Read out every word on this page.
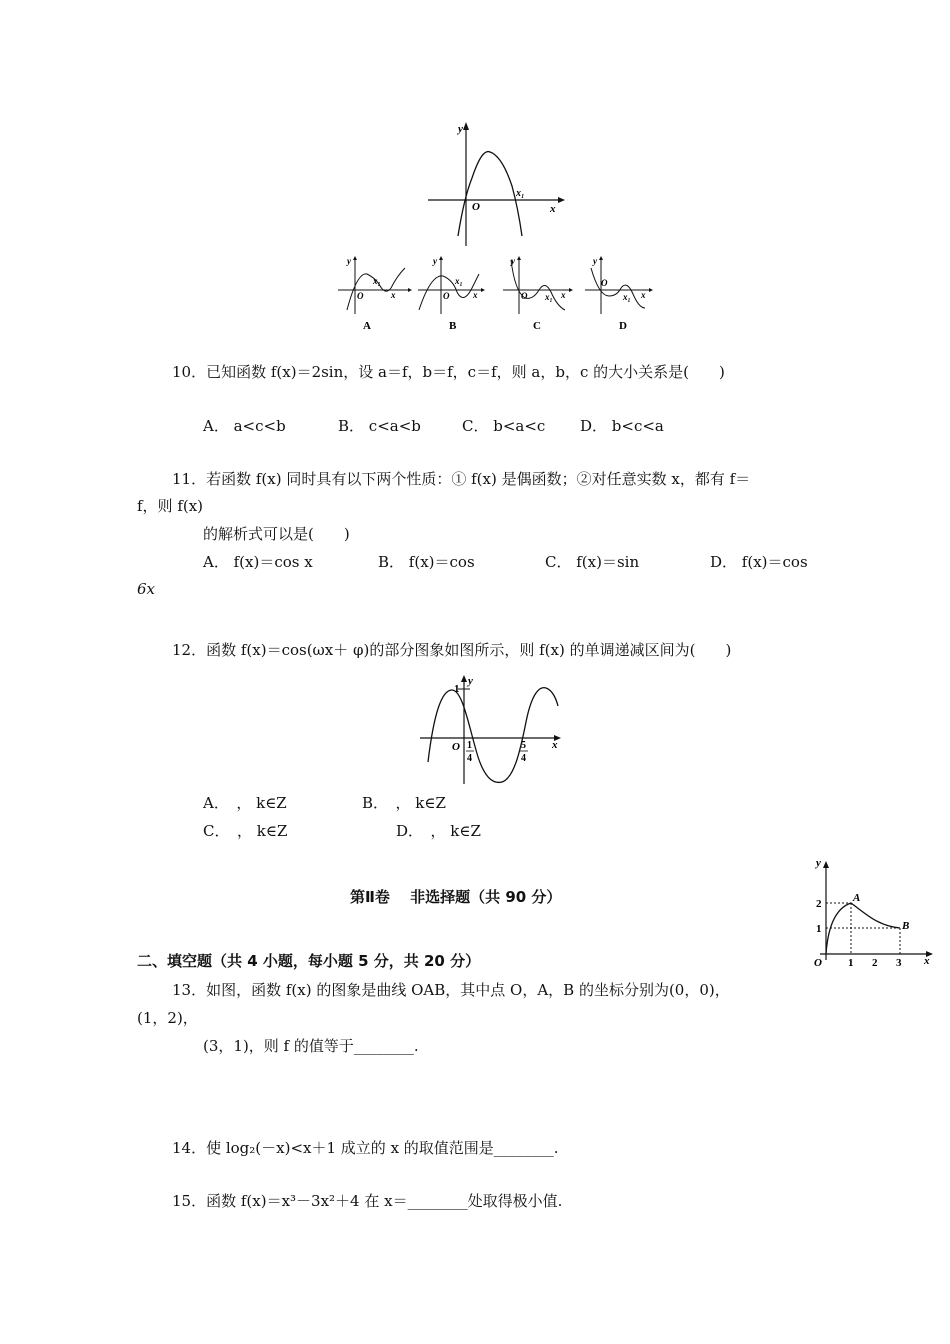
y
x
O
x₁
y
x
O
x₁
y
x
O
x₁
y
x
O x₁
y
x
O
x₁
A	B	C	D
10．已知函数 f(x)＝2sin，设 a＝f，b＝f，c＝f，则 a，b，c 的大小关系是(　　)
A． a<c<b	B． c<a<b	C． b<a<c D． b<c<a
11．若函数 f(x) 同时具有以下两个性质：① f(x) 是偶函数；②对任意实数 x，都有 f＝
f，则 f(x)
的解析式可以是(　　)
A． f(x)＝cos x	B． f(x)＝cos	C． f(x)＝sin	D． f(x)＝cos
6x
12．函数 f(x)＝cos(ωx＋ φ)的部分图象如图所示，则 f(x) 的单调递减区间为(　　)
y
1
x
O 1
4
5
4
A．　， k∈Z	B．　， k∈Z
C．　， k∈Z	D．　， k∈Z
第Ⅱ卷　 非选择题（共 90 分）
y
x
O
A
B
1 2 3
1
2
二、填空题（共 4 小题，每小题 5 分，共 20 分）
13．如图，函数 f(x) 的图象是曲线 OAB，其中点 O，A，B 的坐标分别为(0，0)，
(1，2)，
(3，1)，则 f 的值等于________.
14．使 log₂(－x)<x＋1 成立的 x 的取值范围是________.
15．函数 f(x)＝x³－3x²＋4 在 x＝________处取得极小值.
